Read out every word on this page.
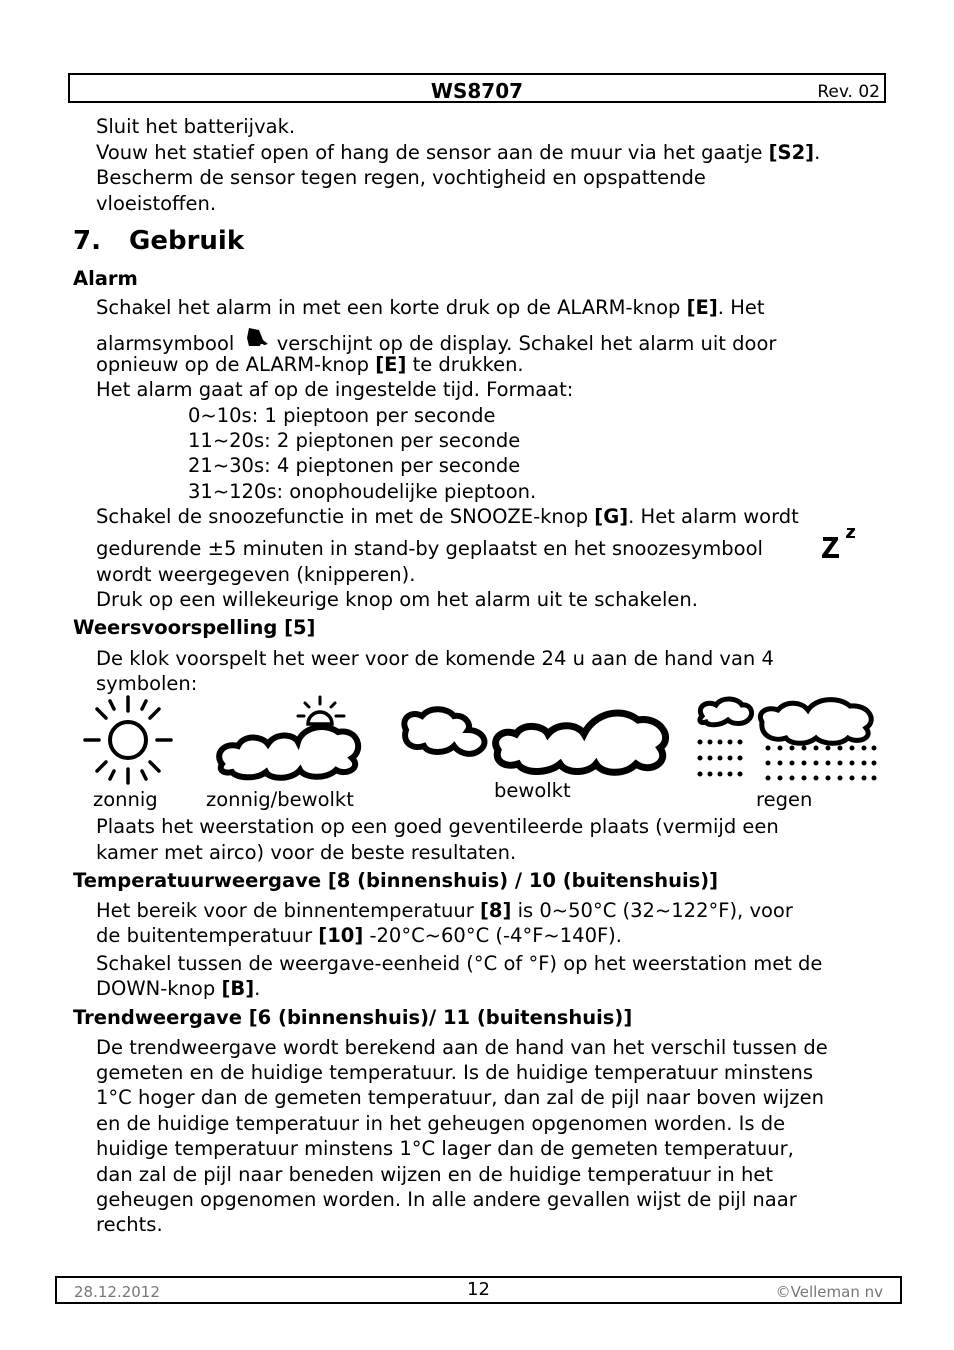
WS8707	Rev. 02
Sluit het batterijvak.
Vouw het statief open of hang de sensor aan de muur via het gaatje [S2].
Bescherm de sensor tegen regen, vochtigheid en opspattende
vloeistoffen.
7. Gebruik
Alarm
Schakel het alarm in met een korte druk op de ALARM-knop [E]. Het
alarmsymbool  verschijnt op de display. Schakel het alarm uit door
opnieuw op de ALARM-knop [E] te drukken.
Het alarm gaat af op de ingestelde tijd. Formaat:
0~10s: 1 pieptoon per seconde
11~20s: 2 pieptonen per seconde
21~30s: 4 pieptonen per seconde
31~120s: onophoudelijke pieptoon.
Schakel de snoozefunctie in met de SNOOZE-knop [G]. Het alarm wordt
gedurende ±5 minuten in stand-by geplaatst en het snoozesymbool
wordt weergegeven (knipperen).
Druk op een willekeurige knop om het alarm uit te schakelen.
Weersvoorspelling [5]
De klok voorspelt het weer voor de komende 24 u aan de hand van 4
symbolen:
zonnig zonnig/bewolkt	bewolkt	regen
Plaats het weerstation op een goed geventileerde plaats (vermijd een
kamer met airco) voor de beste resultaten.
Temperatuurweergave [8 (binnenshuis) / 10 (buitenshuis)]
Het bereik voor de binnentemperatuur [8] is 0~50°C (32~122°F), voor
de buitentemperatuur [10] -20°C~60°C (-4°F~140F).
Schakel tussen de weergave-eenheid (°C of °F) op het weerstation met de
DOWN-knop [B].
Trendweergave [6 (binnenshuis)/ 11 (buitenshuis)]
De trendweergave wordt berekend aan de hand van het verschil tussen de
gemeten en de huidige temperatuur. Is de huidige temperatuur minstens
1°C hoger dan de gemeten temperatuur, dan zal de pijl naar boven wijzen
en de huidige temperatuur in het geheugen opgenomen worden. Is de
huidige temperatuur minstens 1°C lager dan de gemeten temperatuur,
dan zal de pijl naar beneden wijzen en de huidige temperatuur in het
geheugen opgenomen worden. In alle andere gevallen wijst de pijl naar
rechts.
28.12.2012	12	©Velleman nv
